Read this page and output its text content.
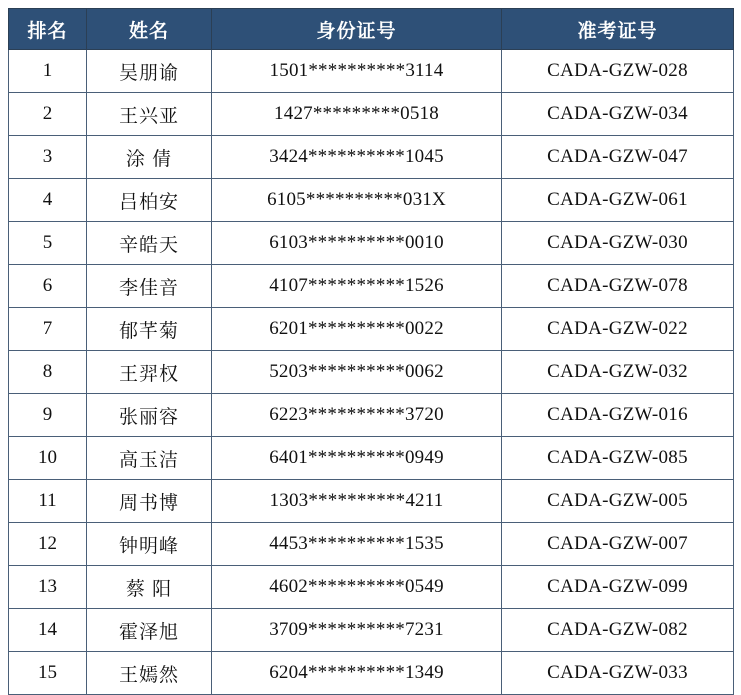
排名	姓名	身份证号	准考证号
1	吴朋谕	1501**********3114	CADA-GZW-028
2	王兴亚	1427*********0518	CADA-GZW-034
3	涂 倩	3424**********1045	CADA-GZW-047
4	吕柏安	6105**********031X	CADA-GZW-061
5	辛皓天	6103**********0010	CADA-GZW-030
6	李佳音	4107**********1526	CADA-GZW-078
7	郁芊菊	6201**********0022	CADA-GZW-022
8	王羿权	5203**********0062	CADA-GZW-032
9	张丽容	6223**********3720	CADA-GZW-016
10	高玉洁	6401**********0949	CADA-GZW-085
11	周书博	1303**********4211	CADA-GZW-005
12	钟明峰	4453**********1535	CADA-GZW-007
13	蔡 阳	4602**********0549	CADA-GZW-099
14	霍泽旭	3709**********7231	CADA-GZW-082
15	王嫣然	6204**********1349	CADA-GZW-033
